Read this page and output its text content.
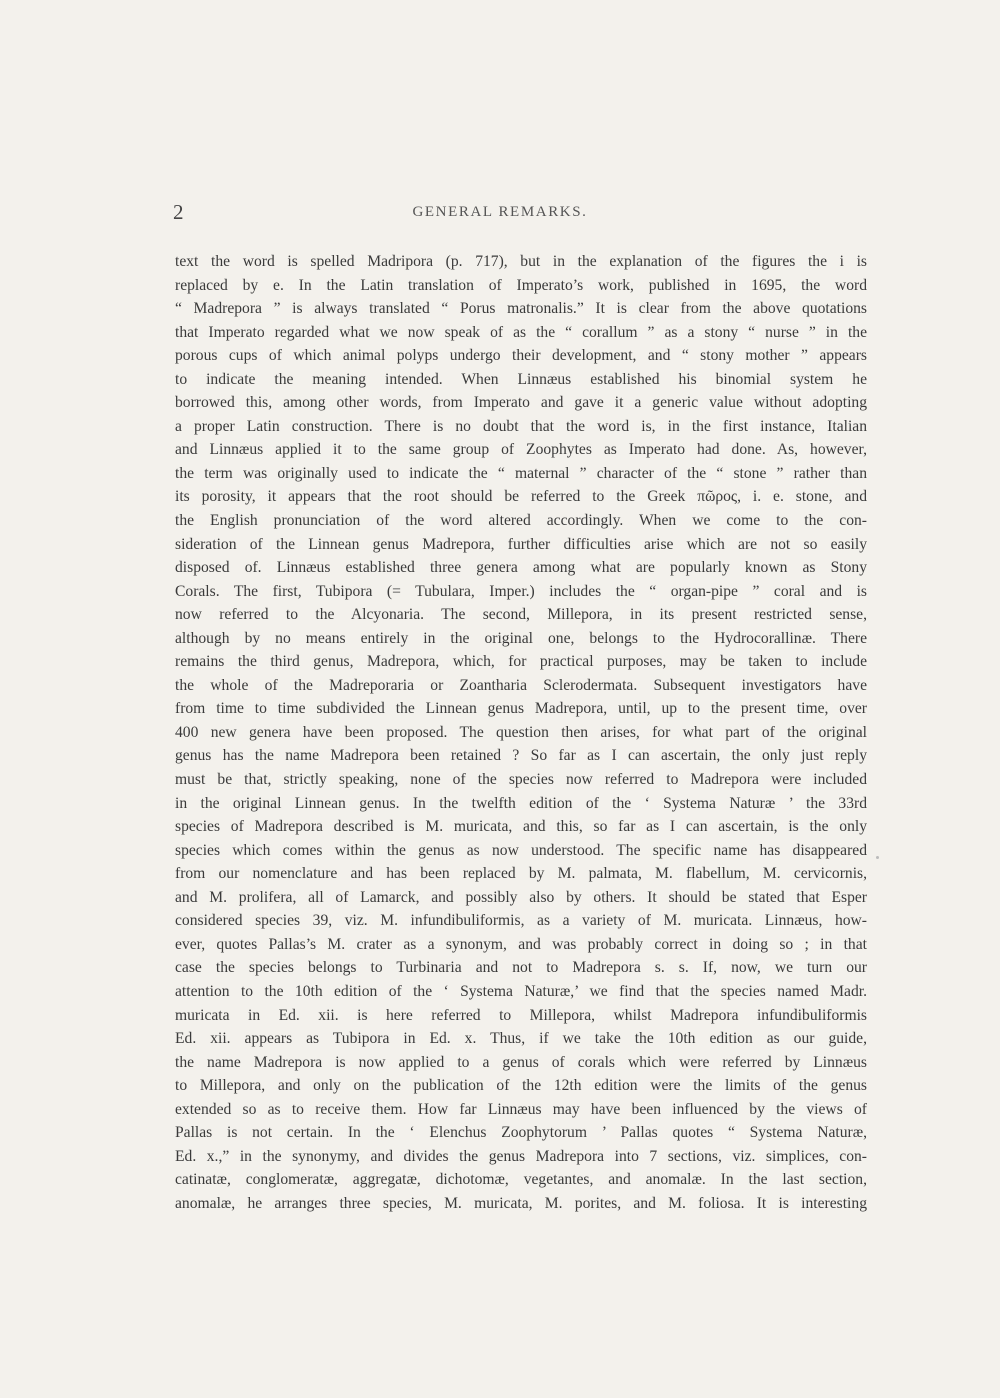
2	GENERAL REMARKS.
text the word is spelled Madripora (p. 717), but in the explanation of the figures the i is
replaced by e. In the Latin translation of Imperato’s work, published in 1695, the word
“ Madrepora ” is always translated “ Porus matronalis.” It is clear from the above quotations
that Imperato regarded what we now speak of as the “ corallum ” as a stony “ nurse ” in the
porous cups of which animal polyps undergo their development, and “ stony mother ” appears
to indicate the meaning intended. When Linnæus established his binomial system he
borrowed this, among other words, from Imperato and gave it a generic value without adopting
a proper Latin construction. There is no doubt that the word is, in the first instance, Italian
and Linnæus applied it to the same group of Zoophytes as Imperato had done. As, however,
the term was originally used to indicate the “ maternal ” character of the “ stone ” rather than
its porosity, it appears that the root should be referred to the Greek πῶρος, i. e. stone, and
the English pronunciation of the word altered accordingly. When we come to the con-
sideration of the Linnean genus Madrepora, further difficulties arise which are not so easily
disposed of. Linnæus established three genera among what are popularly known as Stony
Corals. The first, Tubipora (= Tubulara, Imper.) includes the “ organ-pipe ” coral and is
now referred to the Alcyonaria. The second, Millepora, in its present restricted sense,
although by no means entirely in the original one, belongs to the Hydrocorallinæ. There
remains the third genus, Madrepora, which, for practical purposes, may be taken to include
the whole of the Madreporaria or Zoantharia Sclerodermata. Subsequent investigators have
from time to time subdivided the Linnean genus Madrepora, until, up to the present time, over
400 new genera have been proposed. The question then arises, for what part of the original
genus has the name Madrepora been retained ? So far as I can ascertain, the only just reply
must be that, strictly speaking, none of the species now referred to Madrepora were included
in the original Linnean genus. In the twelfth edition of the ‘ Systema Naturæ ’ the 33rd
species of Madrepora described is M. muricata, and this, so far as I can ascertain, is the only
species which comes within the genus as now understood. The specific name has disappeared
from our nomenclature and has been replaced by M. palmata, M. flabellum, M. cervicornis,
and M. prolifera, all of Lamarck, and possibly also by others. It should be stated that Esper
considered species 39, viz. M. infundibuliformis, as a variety of M. muricata. Linnæus, how-
ever, quotes Pallas’s M. crater as a synonym, and was probably correct in doing so ; in that
case the species belongs to Turbinaria and not to Madrepora s. s. If, now, we turn our
attention to the 10th edition of the ‘ Systema Naturæ,’ we find that the species named Madr.
muricata in Ed. xii. is here referred to Millepora, whilst Madrepora infundibuliformis
Ed. xii. appears as Tubipora in Ed. x. Thus, if we take the 10th edition as our guide,
the name Madrepora is now applied to a genus of corals which were referred by Linnæus
to Millepora, and only on the publication of the 12th edition were the limits of the genus
extended so as to receive them. How far Linnæus may have been influenced by the views of
Pallas is not certain. In the ‘ Elenchus Zoophytorum ’ Pallas quotes “ Systema Naturæ,
Ed. x.,” in the synonymy, and divides the genus Madrepora into 7 sections, viz. simplices, con-
catinatæ, conglomeratæ, aggregatæ, dichotomæ, vegetantes, and anomalæ. In the last section,
anomalæ, he arranges three species, M. muricata, M. porites, and M. foliosa. It is interesting
